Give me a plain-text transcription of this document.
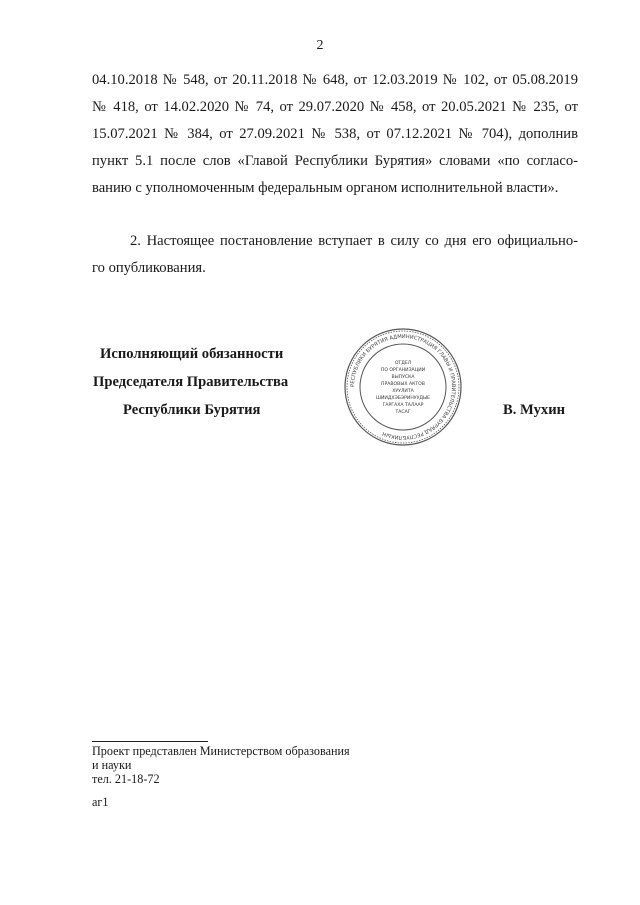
2
04.10.2018 № 548, от 20.11.2018 № 648, от 12.03.2019 № 102, от 05.08.2019
№ 418, от 14.02.2020 № 74, от 29.07.2020 № 458, от 20.05.2021 № 235, от
15.07.2021 № 384, от 27.09.2021 № 538, от 07.12.2021 № 704), дополнив
пункт 5.1 после слов «Главой Республики Бурятия» словами «по согласо-
ванию с уполномоченным федеральным органом исполнительной власти».
2. Настоящее постановление вступает в силу со дня его официально-
го опубликования.
Исполняющий обязанности
Председателя Правительства
Республики Бурятия	В. Мухин
РЕСПУБЛИКИ БУРЯТИЯ АДМИНИСТРАЦИЯ ГЛАВЫ И ПРАВИТЕЛЬСТВА БУРЯАД РЕСПУБЛИКЫН
ОТДЕЛ
ПО ОРГАНИЗАЦИИ
ВЫПУСКА
ПРАВОВЫХ АКТОВ
ХУУЛИТА
ШИИДХЭБЭРИНУУДЫЕ
ГАРГАХА ТАЛААР
ТАСАГ
Проект представлен Министерством образования
и науки
тел. 21-18-72
аг1
